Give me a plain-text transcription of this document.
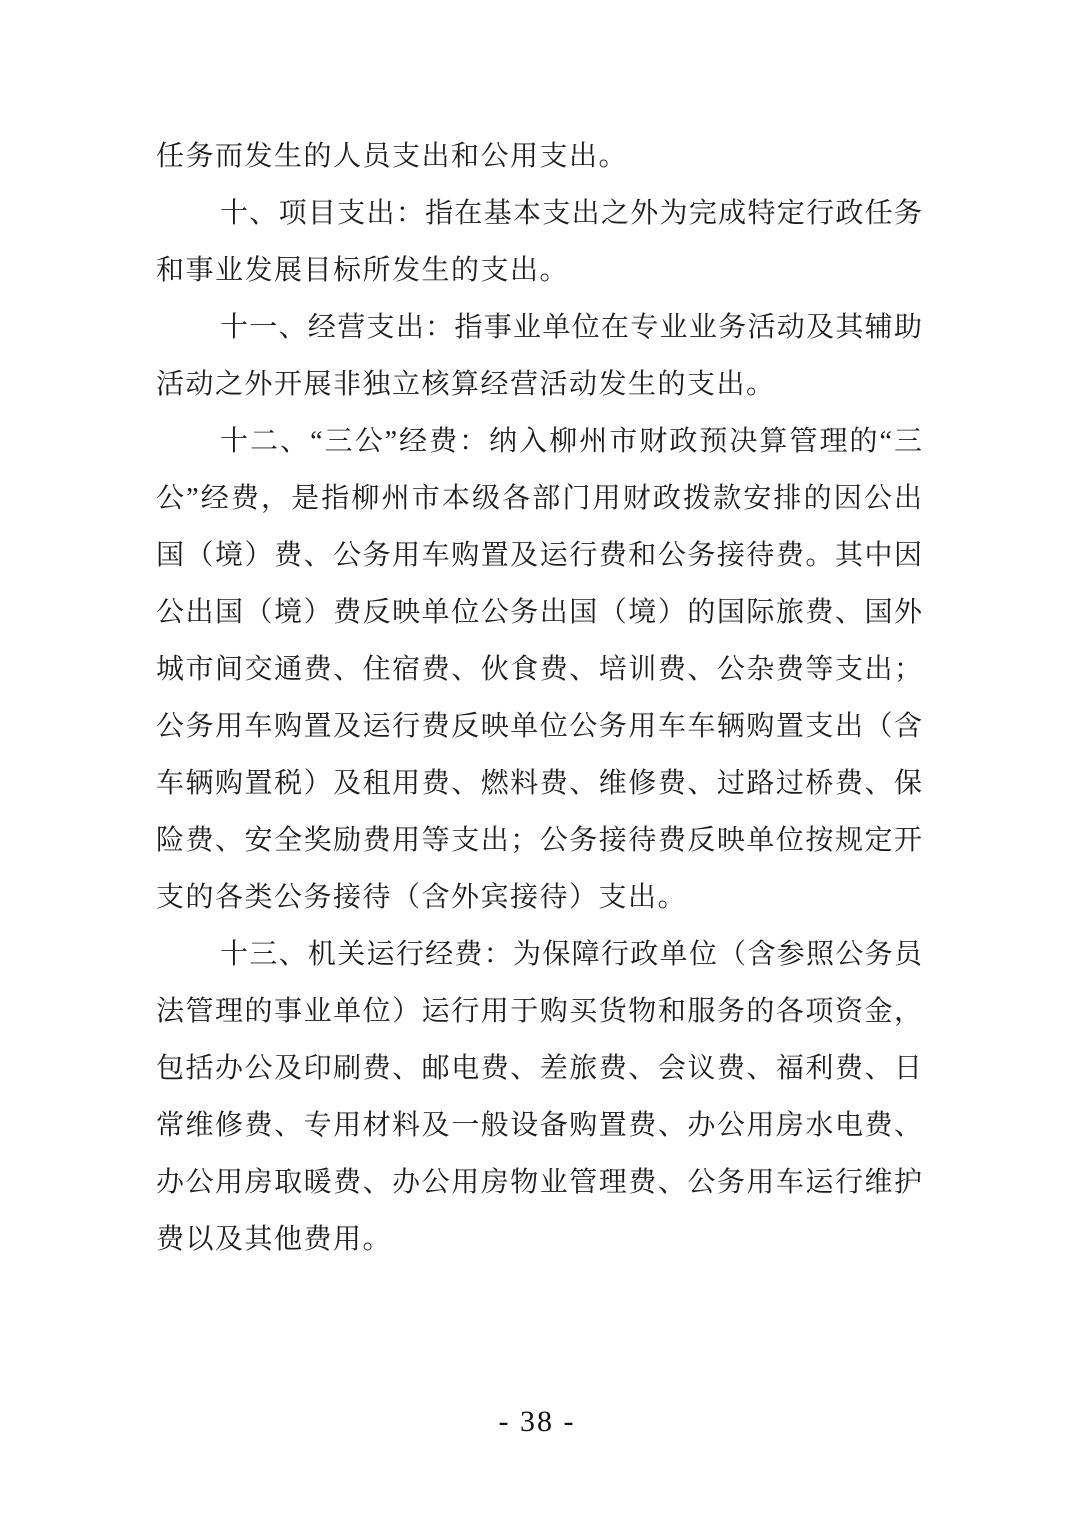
任务而发生的人员支出和公用支出。
十、项目支出：指在基本支出之外为完成特定行政任务
和事业发展目标所发生的支出。
十一、经营支出：指事业单位在专业业务活动及其辅助
活动之外开展非独立核算经营活动发生的支出。
十二、“三公”经费：纳入柳州市财政预决算管理的“三
公”经费，是指柳州市本级各部门用财政拨款安排的因公出
国（境）费、公务用车购置及运行费和公务接待费。其中因
公出国（境）费反映单位公务出国（境）的国际旅费、国外
城市间交通费、住宿费、伙食费、培训费、公杂费等支出；
公务用车购置及运行费反映单位公务用车车辆购置支出（含
车辆购置税）及租用费、燃料费、维修费、过路过桥费、保
险费、安全奖励费用等支出；公务接待费反映单位按规定开
支的各类公务接待（含外宾接待）支出。
十三、机关运行经费：为保障行政单位（含参照公务员
法管理的事业单位）运行用于购买货物和服务的各项资金，
包括办公及印刷费、邮电费、差旅费、会议费、福利费、日
常维修费、专用材料及一般设备购置费、办公用房水电费、
办公用房取暖费、办公用房物业管理费、公务用车运行维护
费以及其他费用。
- 38 -
